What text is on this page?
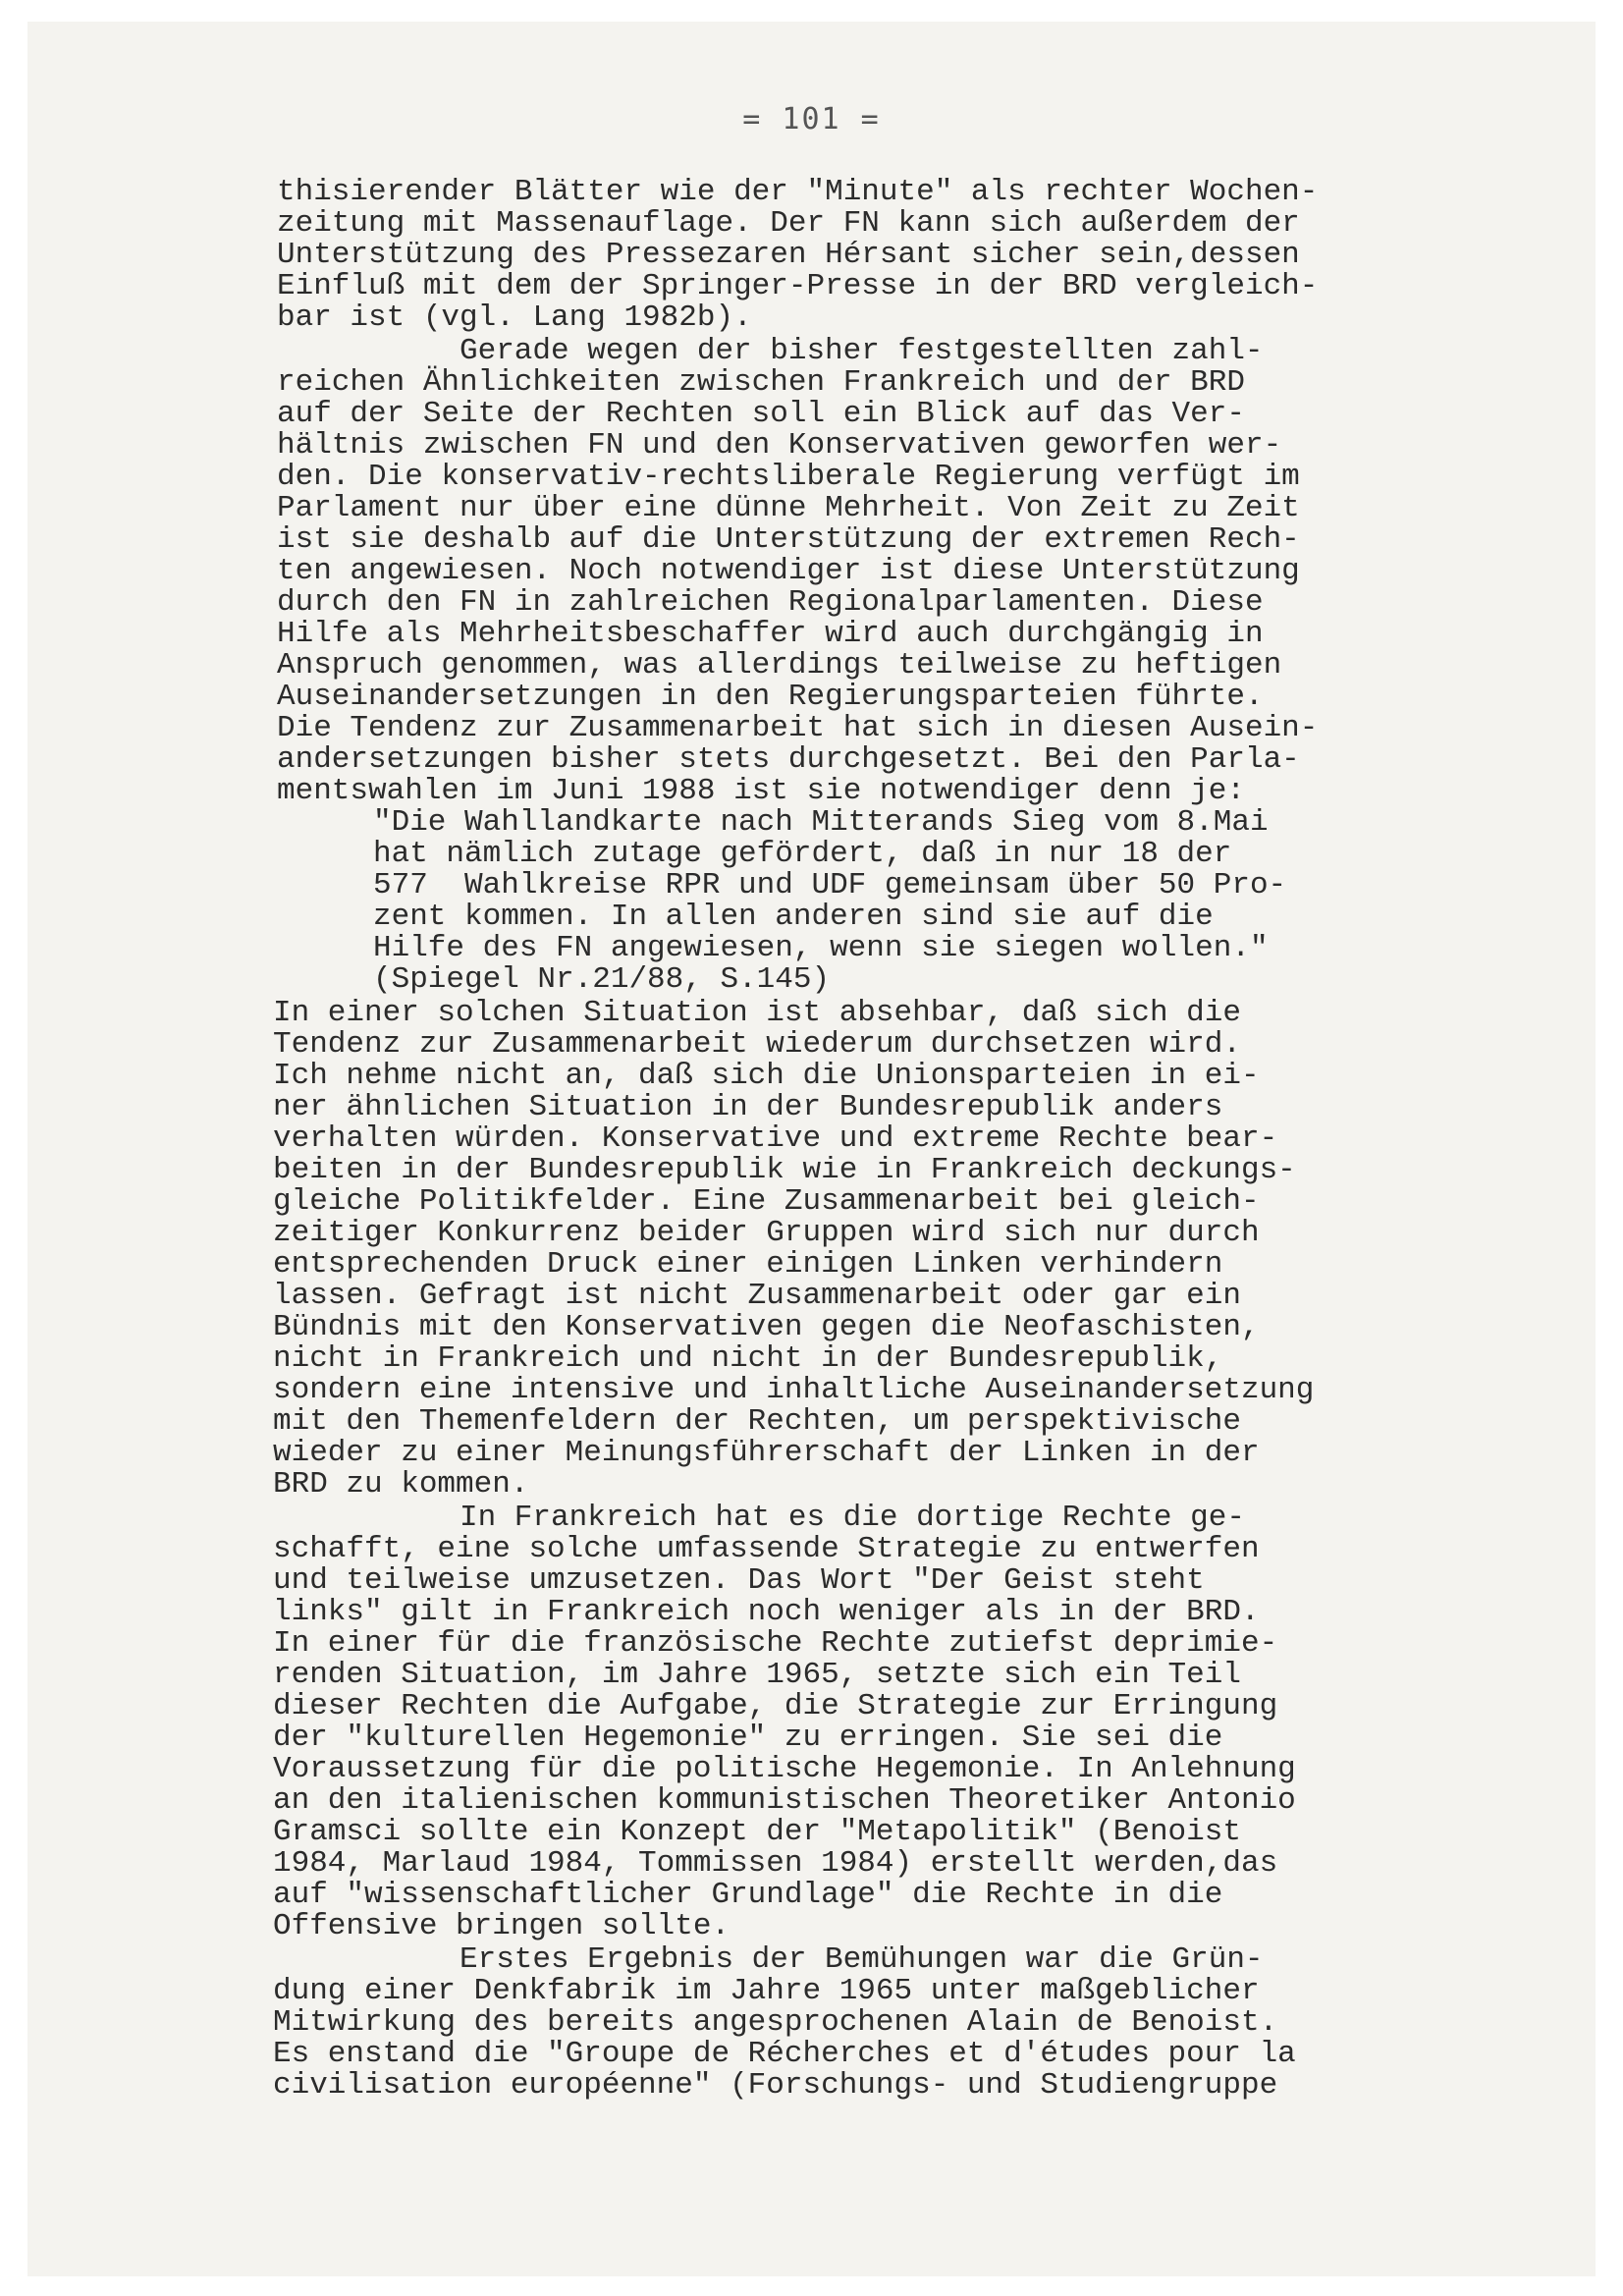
= 101 =
thisierender Blätter wie der "Minute" als rechter Wochen-
zeitung mit Massenauflage. Der FN kann sich außerdem der
Unterstützung des Pressezaren Hérsant sicher sein,dessen
Einfluß mit dem der Springer-Presse in der BRD vergleich-
bar ist (vgl. Lang 1982b).
Gerade wegen der bisher festgestellten zahl-
reichen Ähnlichkeiten zwischen Frankreich und der BRD
auf der Seite der Rechten soll ein Blick auf das Ver-
hältnis zwischen FN und den Konservativen geworfen wer-
den. Die konservativ-rechtsliberale Regierung verfügt im
Parlament nur über eine dünne Mehrheit. Von Zeit zu Zeit
ist sie deshalb auf die Unterstützung der extremen Rech-
ten angewiesen. Noch notwendiger ist diese Unterstützung
durch den FN in zahlreichen Regionalparlamenten. Diese
Hilfe als Mehrheitsbeschaffer wird auch durchgängig in
Anspruch genommen, was allerdings teilweise zu heftigen
Auseinandersetzungen in den Regierungsparteien führte.
Die Tendenz zur Zusammenarbeit hat sich in diesen Ausein-
andersetzungen bisher stets durchgesetzt. Bei den Parla-
mentswahlen im Juni 1988 ist sie notwendiger denn je:
"Die Wahllandkarte nach Mitterands Sieg vom 8.Mai
hat nämlich zutage gefördert, daß in nur 18 der
577  Wahlkreise RPR und UDF gemeinsam über 50 Pro-
zent kommen. In allen anderen sind sie auf die
Hilfe des FN angewiesen, wenn sie siegen wollen."
(Spiegel Nr.21/88, S.145)
In einer solchen Situation ist absehbar, daß sich die
Tendenz zur Zusammenarbeit wiederum durchsetzen wird.
Ich nehme nicht an, daß sich die Unionsparteien in ei-
ner ähnlichen Situation in der Bundesrepublik anders
verhalten würden. Konservative und extreme Rechte bear-
beiten in der Bundesrepublik wie in Frankreich deckungs-
gleiche Politikfelder. Eine Zusammenarbeit bei gleich-
zeitiger Konkurrenz beider Gruppen wird sich nur durch
entsprechenden Druck einer einigen Linken verhindern
lassen. Gefragt ist nicht Zusammenarbeit oder gar ein
Bündnis mit den Konservativen gegen die Neofaschisten,
nicht in Frankreich und nicht in der Bundesrepublik,
sondern eine intensive und inhaltliche Auseinandersetzung
mit den Themenfeldern der Rechten, um perspektivische
wieder zu einer Meinungsführerschaft der Linken in der
BRD zu kommen.
In Frankreich hat es die dortige Rechte ge-
schafft, eine solche umfassende Strategie zu entwerfen
und teilweise umzusetzen. Das Wort "Der Geist steht
links" gilt in Frankreich noch weniger als in der BRD.
In einer für die französische Rechte zutiefst deprimie-
renden Situation, im Jahre 1965, setzte sich ein Teil
dieser Rechten die Aufgabe, die Strategie zur Erringung
der "kulturellen Hegemonie" zu erringen. Sie sei die
Voraussetzung für die politische Hegemonie. In Anlehnung
an den italienischen kommunistischen Theoretiker Antonio
Gramsci sollte ein Konzept der "Metapolitik" (Benoist
1984, Marlaud 1984, Tommissen 1984) erstellt werden,das
auf "wissenschaftlicher Grundlage" die Rechte in die
Offensive bringen sollte.
Erstes Ergebnis der Bemühungen war die Grün-
dung einer Denkfabrik im Jahre 1965 unter maßgeblicher
Mitwirkung des bereits angesprochenen Alain de Benoist.
Es enstand die "Groupe de Récherches et d'études pour la
civilisation européenne" (Forschungs- und Studiengruppe
